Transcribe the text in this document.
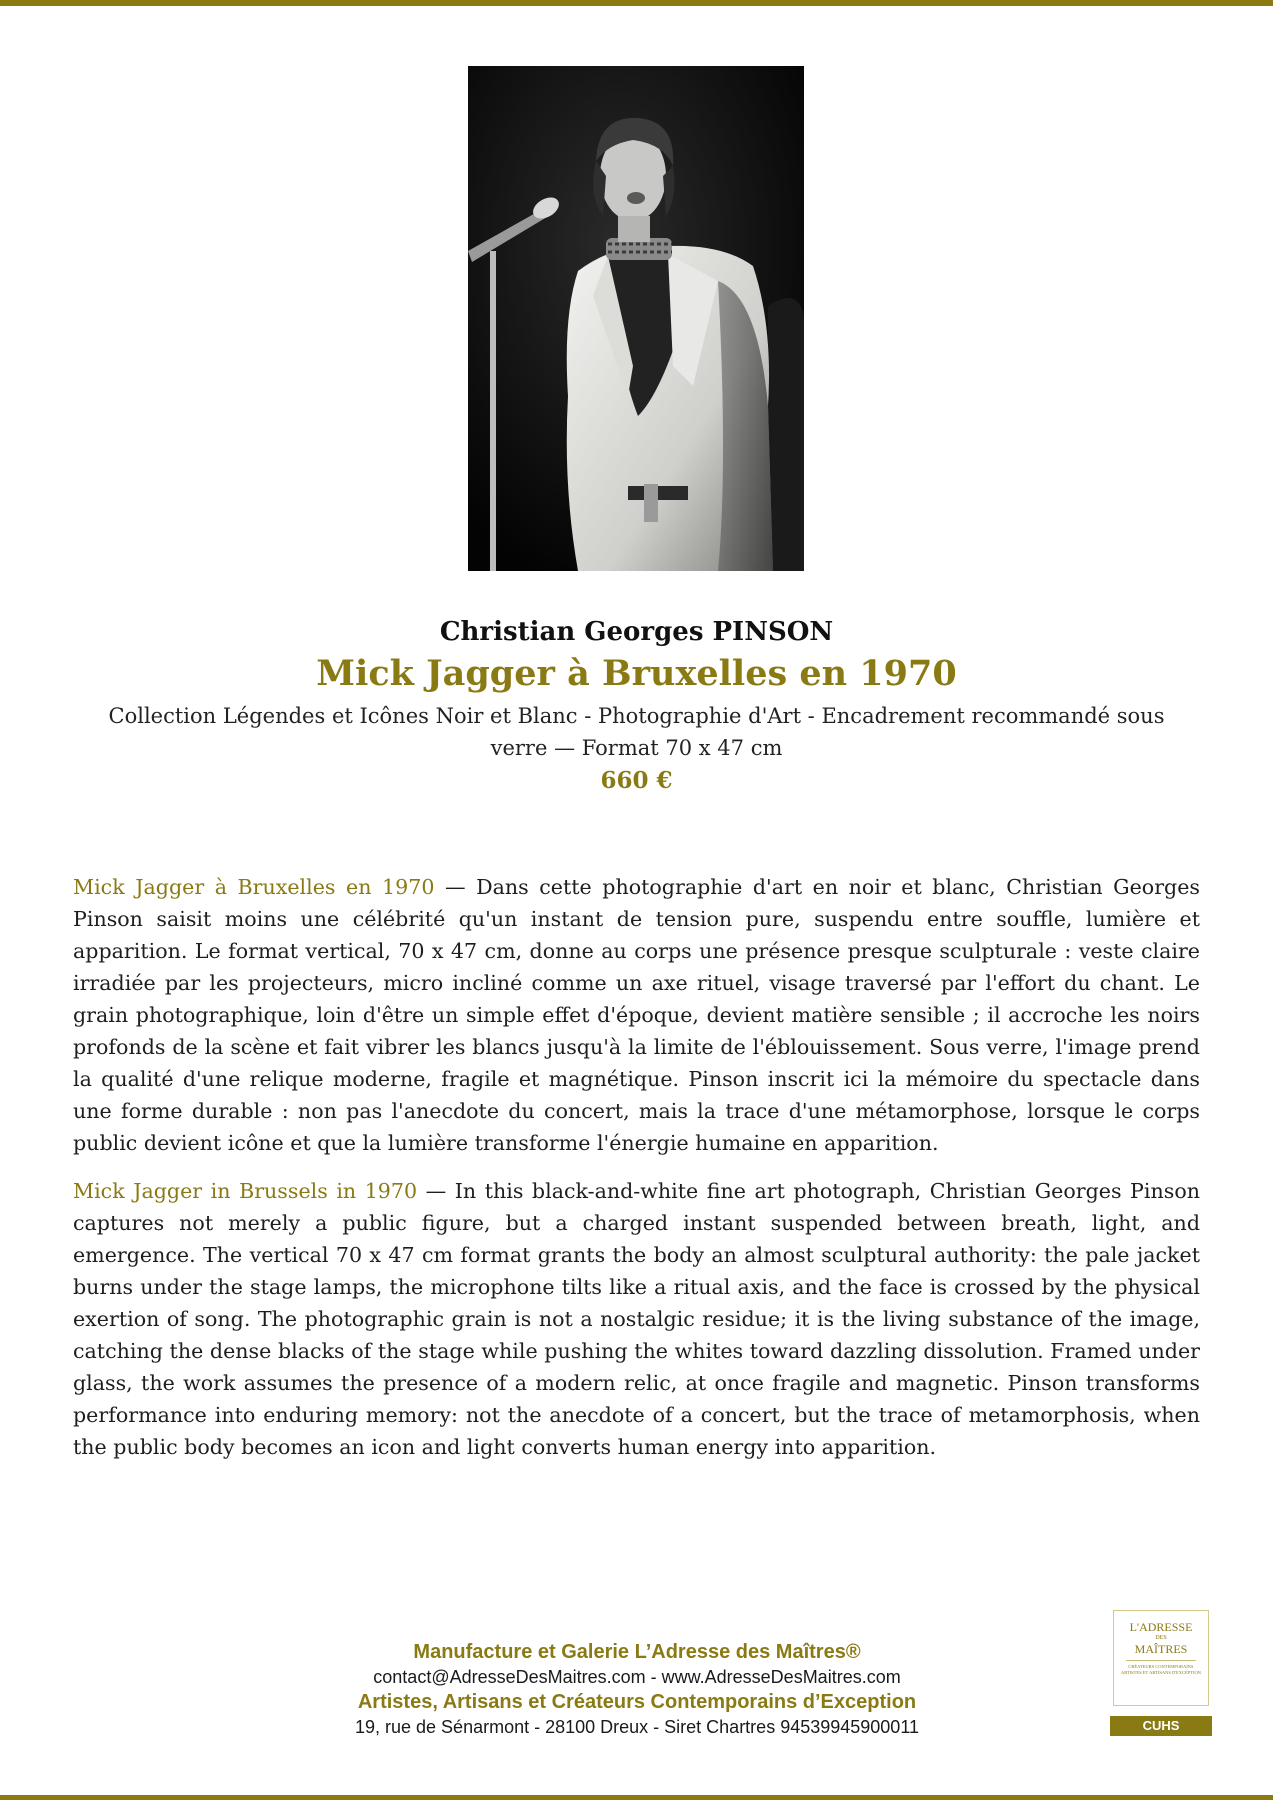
Christian Georges PINSON

Mick Jagger à Bruxelles en 1970

Collection Légendes et Icônes Noir et Blanc - Photographie d'Art - Encadrement recommandé sous verre — Format 70 x 47 cm

660 €

Mick Jagger à Bruxelles en 1970 — Dans cette photographie d'art en noir et blanc, Christian Georges Pinson saisit moins une célébrité qu'un instant de tension pure, suspendu entre souffle, lumière et apparition. Le format vertical, 70 x 47 cm, donne au corps une présence presque sculpturale : veste claire irradiée par les projecteurs, micro incliné comme un axe rituel, visage traversé par l'effort du chant. Le grain photographique, loin d'être un simple effet d'époque, devient matière sensible ; il accroche les noirs profonds de la scène et fait vibrer les blancs jusqu'à la limite de l'éblouissement. Sous verre, l'image prend la qualité d'une relique moderne, fragile et magnétique. Pinson inscrit ici la mémoire du spectacle dans une forme durable : non pas l'anecdote du concert, mais la trace d'une métamorphose, lorsque le corps public devient icône et que la lumière transforme l'énergie humaine en apparition.

Mick Jagger in Brussels in 1970 — In this black-and-white fine art photograph, Christian Georges Pinson captures not merely a public figure, but a charged instant suspended between breath, light, and emergence. The vertical 70 x 47 cm format grants the body an almost sculptural authority: the pale jacket burns under the stage lamps, the microphone tilts like a ritual axis, and the face is crossed by the physical exertion of song. The photographic grain is not a nostalgic residue; it is the living substance of the image, catching the dense blacks of the stage while pushing the whites toward dazzling dissolution. Framed under glass, the work assumes the presence of a modern relic, at once fragile and magnetic. Pinson transforms performance into enduring memory: not the anecdote of a concert, but the trace of metamorphosis, when the public body becomes an icon and light converts human energy into apparition.

Manufacture et Galerie L’Adresse des Maîtres®
contact@AdresseDesMaitres.com - www.AdresseDesMaitres.com
Artistes, Artisans et Créateurs Contemporains d’Exception
19, rue de Sénarmont - 28100 Dreux - Siret Chartres 94539945900011
L'ADRESSE
DES
MAÎTRES
CRÉATEURS CONTEMPORAINS ARTISTES ET ARTISANS D'EXCEPTION
CUHS
